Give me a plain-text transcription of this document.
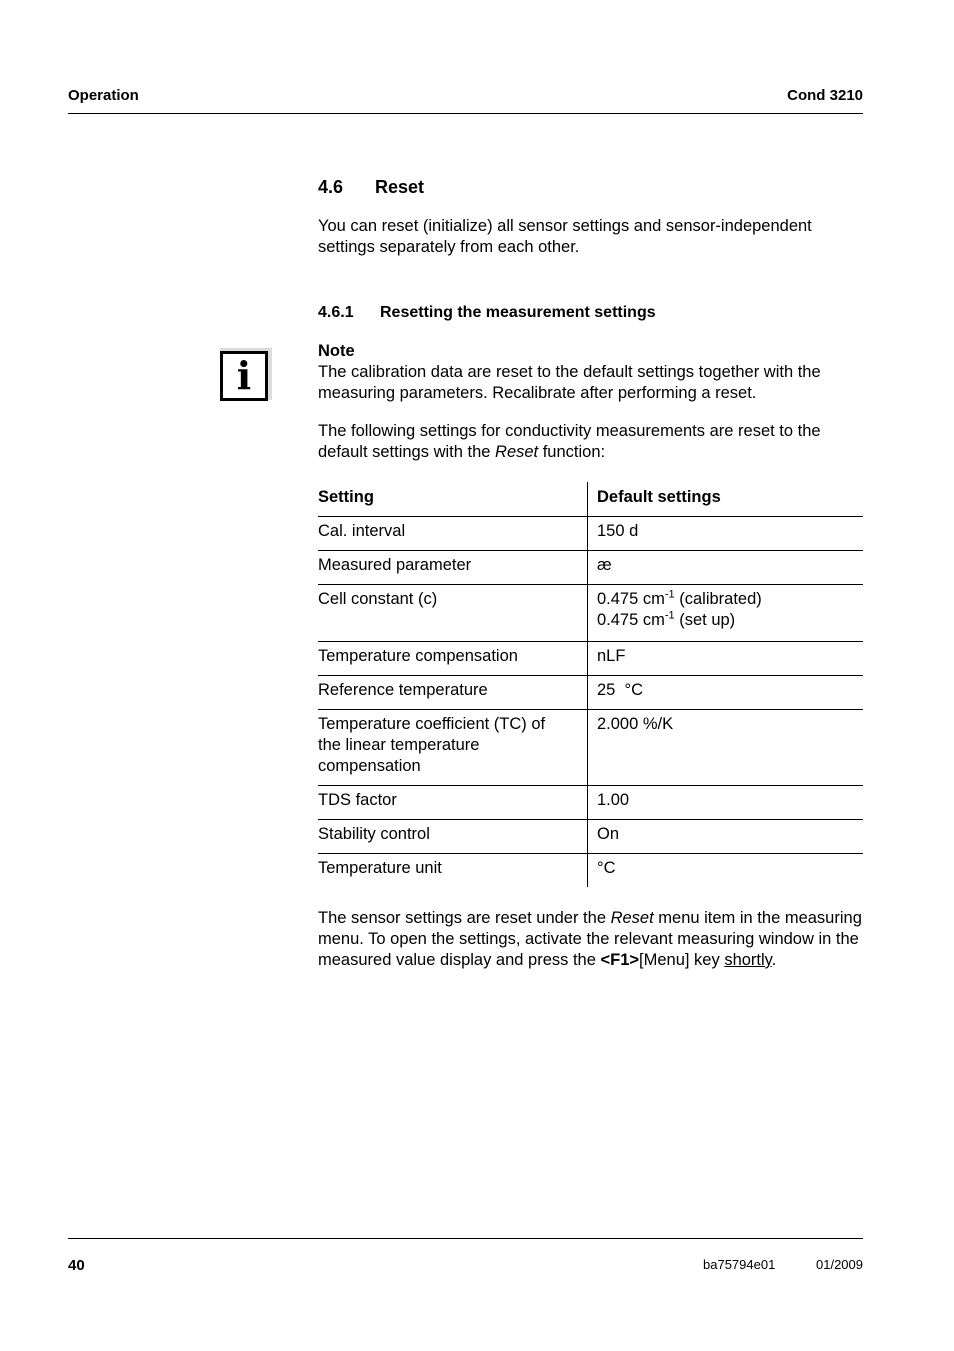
Operation	Cond 3210
4.6 Reset
You can reset (initialize) all sensor settings and sensor-independent settings separately from each other.
4.6.1 Resetting the measurement settings
i
Note
The calibration data are reset to the default settings together with the measuring parameters. Recalibrate after performing a reset.
The following settings for conductivity measurements are reset to the default settings with the Reset function:
Setting	Default settings
Cal. interval	150 d
Measured parameter	æ
Cell constant (c)	0.475 $cm^{-1}$ (calibrated)
0.475 $cm^{-1}$ (set up)

Temperature compensation	nLF
Reference temperature	25  °C
Temperature coefficient (TC) of
the linear temperature
compensation	2.000 %/K
TDS factor	1.00
Stability control	On
Temperature unit	°C
The sensor settings are reset under the Reset menu item in the measuring menu. To open the settings, activate the relevant measuring window in the measured value display and press the <F1>[Menu] key shortly.
40	ba75794e01	01/2009
